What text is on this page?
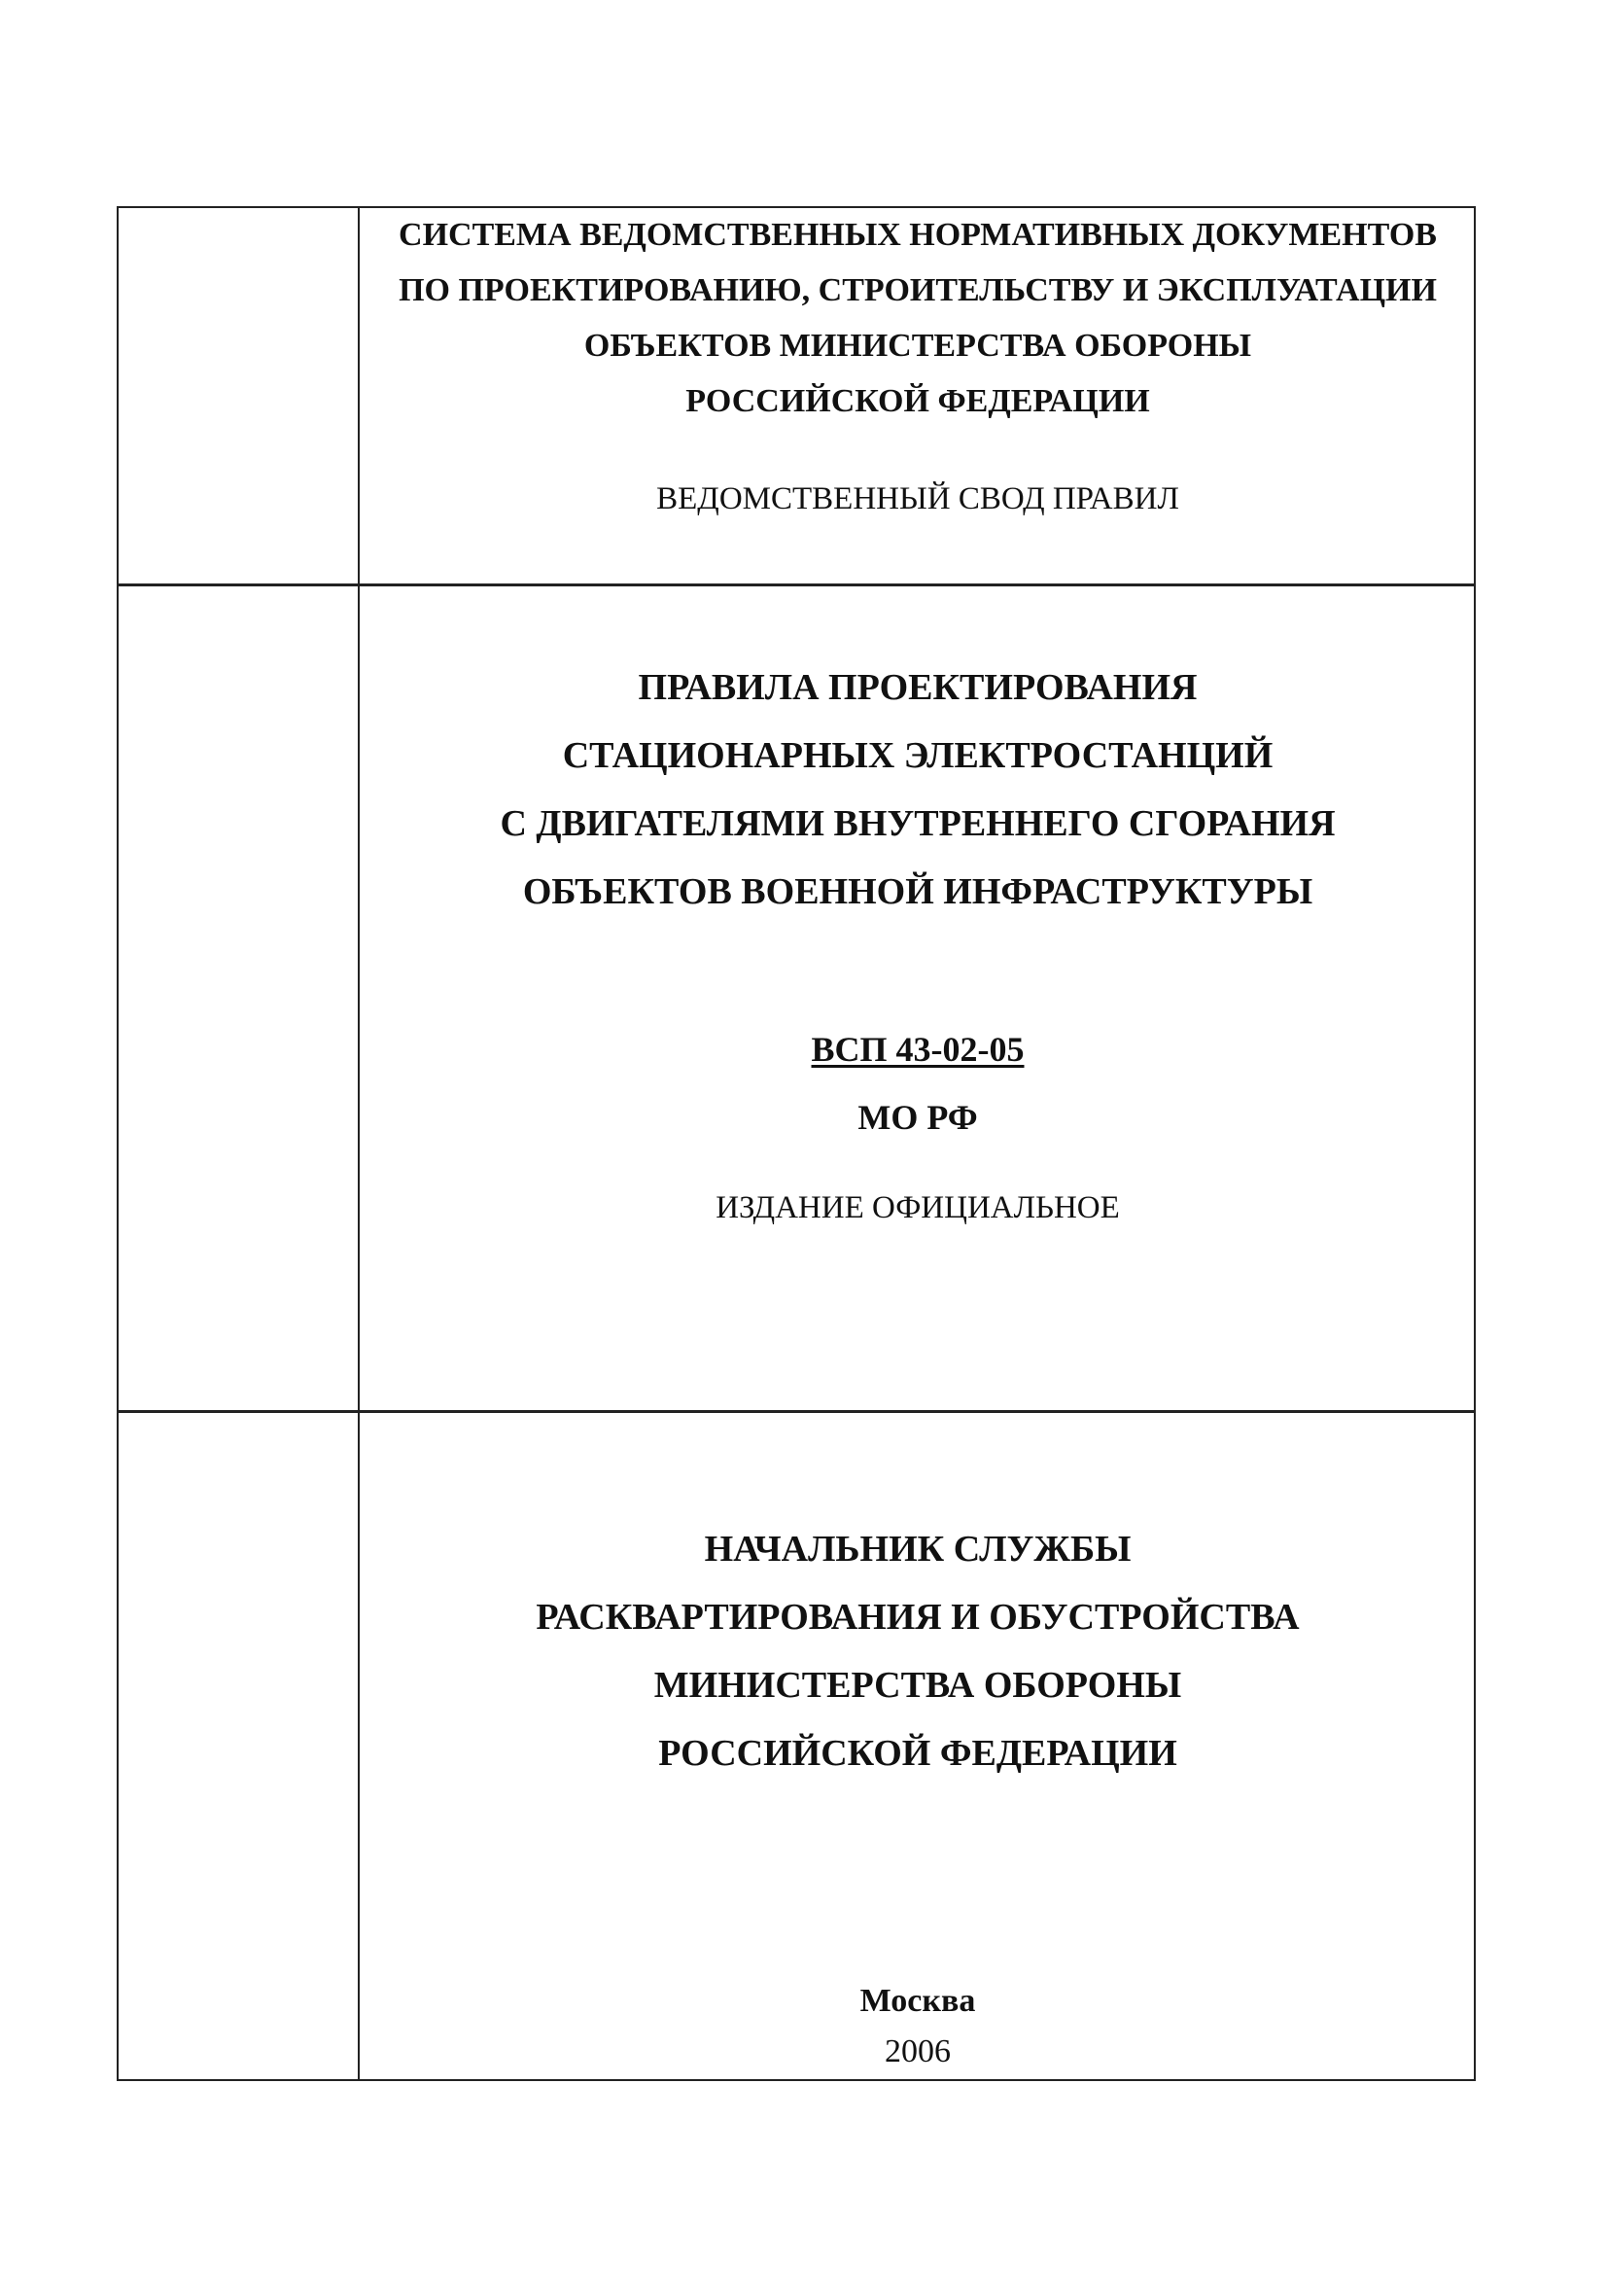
СИСТЕМА ВЕДОМСТВЕННЫХ НОРМАТИВНЫХ ДОКУМЕНТОВ
ПО ПРОЕКТИРОВАНИЮ, СТРОИТЕЛЬСТВУ И ЭКСПЛУАТАЦИИ
ОБЪЕКТОВ МИНИСТЕРСТВА ОБОРОНЫ
РОССИЙСКОЙ ФЕДЕРАЦИИ
ВЕДОМСТВЕННЫЙ СВОД ПРАВИЛ
ПРАВИЛА ПРОЕКТИРОВАНИЯ
СТАЦИОНАРНЫХ ЭЛЕКТРОСТАНЦИЙ
С ДВИГАТЕЛЯМИ ВНУТРЕННЕГО СГОРАНИЯ
ОБЪЕКТОВ ВОЕННОЙ ИНФРАСТРУКТУРЫ
ВСП 43-02-05
МО РФ
ИЗДАНИЕ ОФИЦИАЛЬНОЕ
НАЧАЛЬНИК СЛУЖБЫ
РАСКВАРТИРОВАНИЯ И ОБУСТРОЙСТВА
МИНИСТЕРСТВА ОБОРОНЫ
РОССИЙСКОЙ ФЕДЕРАЦИИ
Москва
2006
